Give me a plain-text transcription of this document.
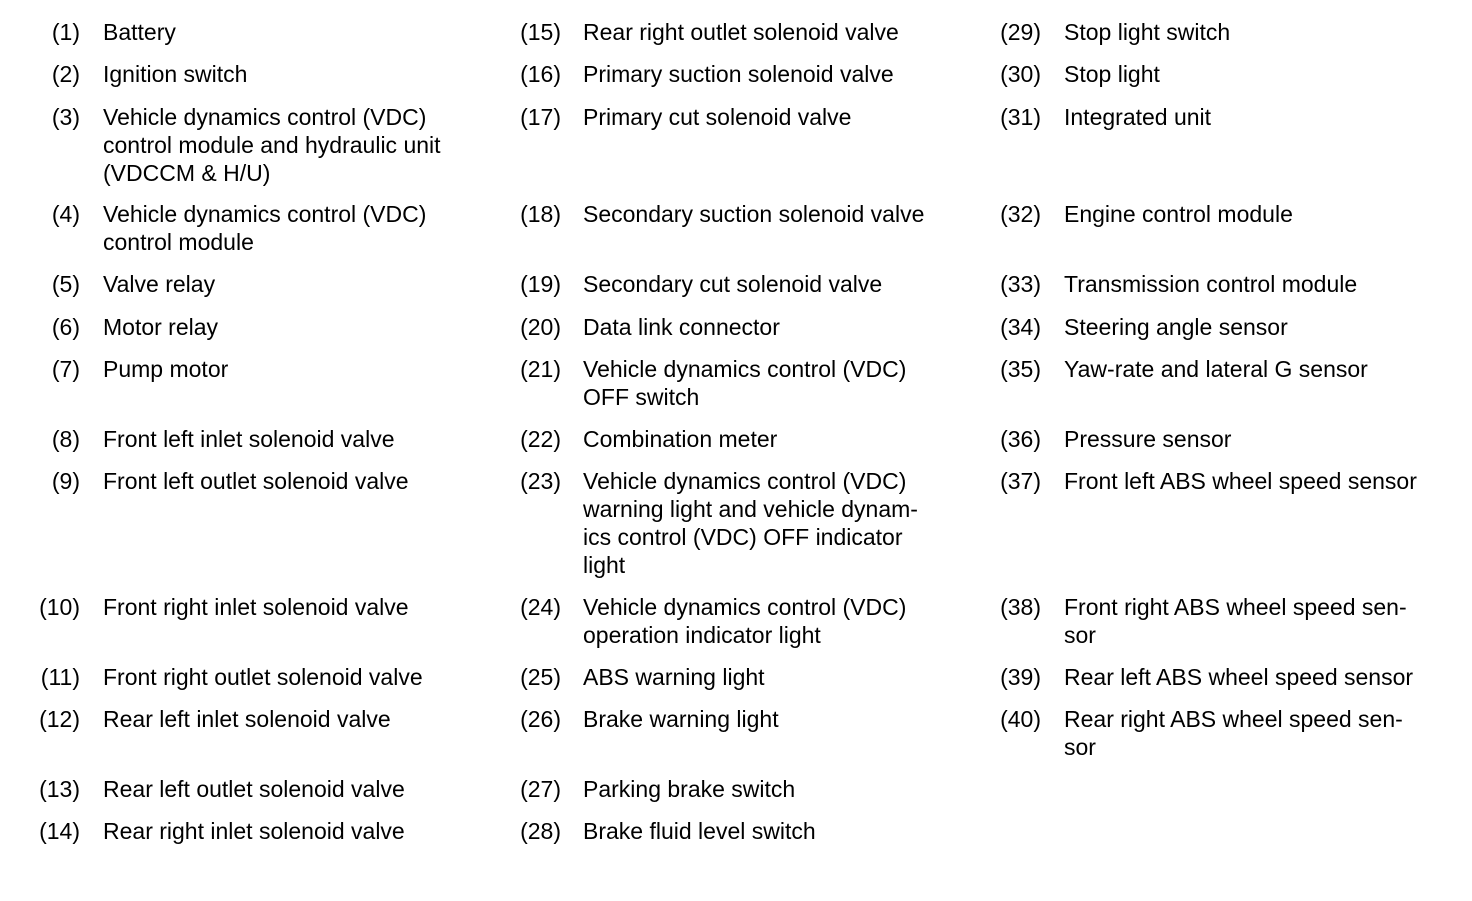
(1) Battery

(2) Ignition switch

(3) Vehicle dynamics control (VDC)
control module and hydraulic unit
(VDCCM & H/U)

(4) Vehicle dynamics control (VDC)
control module

(5) Valve relay

(6) Motor relay

(7) Pump motor

(8) Front left inlet solenoid valve

(9) Front left outlet solenoid valve

(10) Front right inlet solenoid valve

(11) Front right outlet solenoid valve

(12) Rear left inlet solenoid valve

(13) Rear left outlet solenoid valve

(14) Rear right inlet solenoid valve

(15) Rear right outlet solenoid valve

(16) Primary suction solenoid valve

(17) Primary cut solenoid valve

(18) Secondary suction solenoid valve

(19) Secondary cut solenoid valve

(20) Data link connector

(21) Vehicle dynamics control (VDC)
OFF switch

(22) Combination meter

(23) Vehicle dynamics control (VDC)
warning light and vehicle dynam-
ics control (VDC) OFF indicator
light

(24) Vehicle dynamics control (VDC)
operation indicator light

(25) ABS warning light

(26) Brake warning light

(27) Parking brake switch

(28) Brake fluid level switch

(29) Stop light switch

(30) Stop light

(31) Integrated unit

(32) Engine control module

(33) Transmission control module

(34) Steering angle sensor

(35) Yaw-rate and lateral G sensor

(36) Pressure sensor

(37) Front left ABS wheel speed sensor

(38) Front right ABS wheel speed sen-
sor

(39) Rear left ABS wheel speed sensor

(40) Rear right ABS wheel speed sen-
sor
